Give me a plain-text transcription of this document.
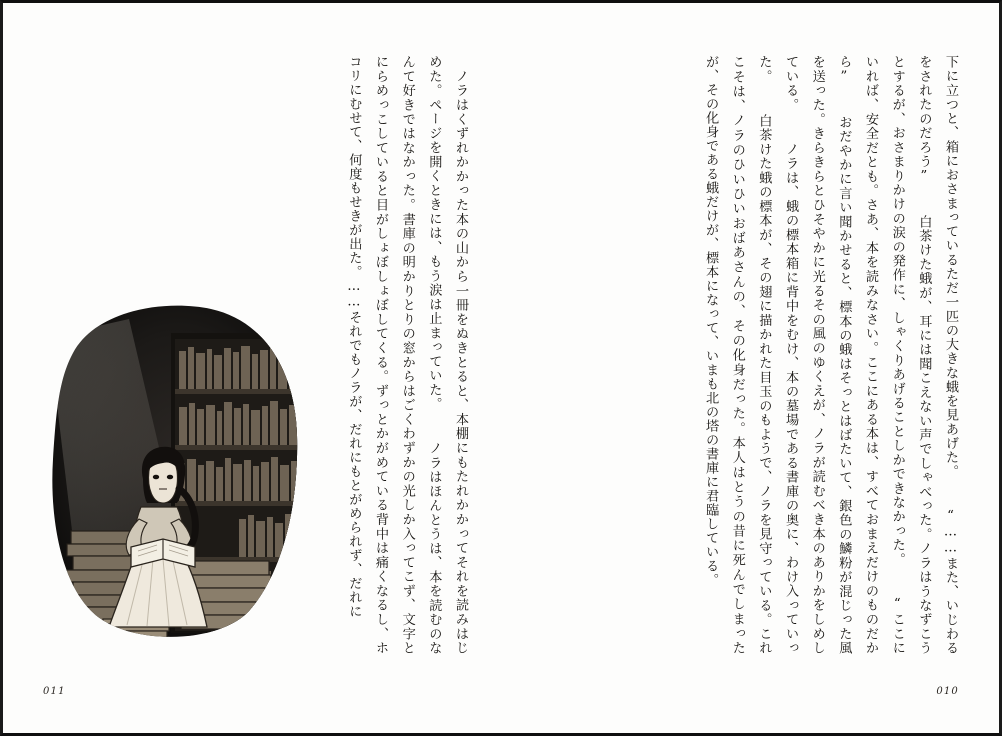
　ノラはくずれかかった本の山から一冊をぬきとると、本棚にもたれかかってそれを読みはじめた。ページを開くときには、もう涙は止まっていた。 　ノラはほんとうは、本を読むのなんて好きではなかった。書庫の明かりとりの窓からはごくわずかの光しか入ってこず、文字とにらめっこしていると目がしょぼしょぼしてくる。ずっとかがめている背中は痛くなるし、ホコリにむせて、何度もせきが出た。……それでもノラが、だれにもとがめられず、だれに
011
下に立つと、箱におさまっているただ一匹の大きな蛾を見あげた。 　“……また、いじわるをされたのだろう” 　白茶けた蛾が、耳には聞こえない声でしゃべった。ノラはうなずこうとするが、おさまりかけの涙の発作に、しゃくりあげることしかできなかった。 　“ここにいれば、安全だとも。さあ、本を読みなさい。ここにある本は、すべておまえだけのものだから” 　おだやかに言い聞かせると、標本の蛾はそっとはばたいて、銀色の鱗粉が混じった風を送った。きらきらとひそやかに光るその風のゆくえが、ノラが読むべき本のありかをしめしている。 　ノラは、蛾の標本箱に背中をむけ、本の墓場である書庫の奥に、わけ入っていった。 　白茶けた蛾の標本が、その翅に描かれた目玉のもようで、ノラを見守っている。これこそは、ノラのひいひいおばあさんの、その化身だった。本人はとうの昔に死んでしまったが、その化身である蛾だけが、標本になって、いまも北の塔の書庫に君臨している。
010
